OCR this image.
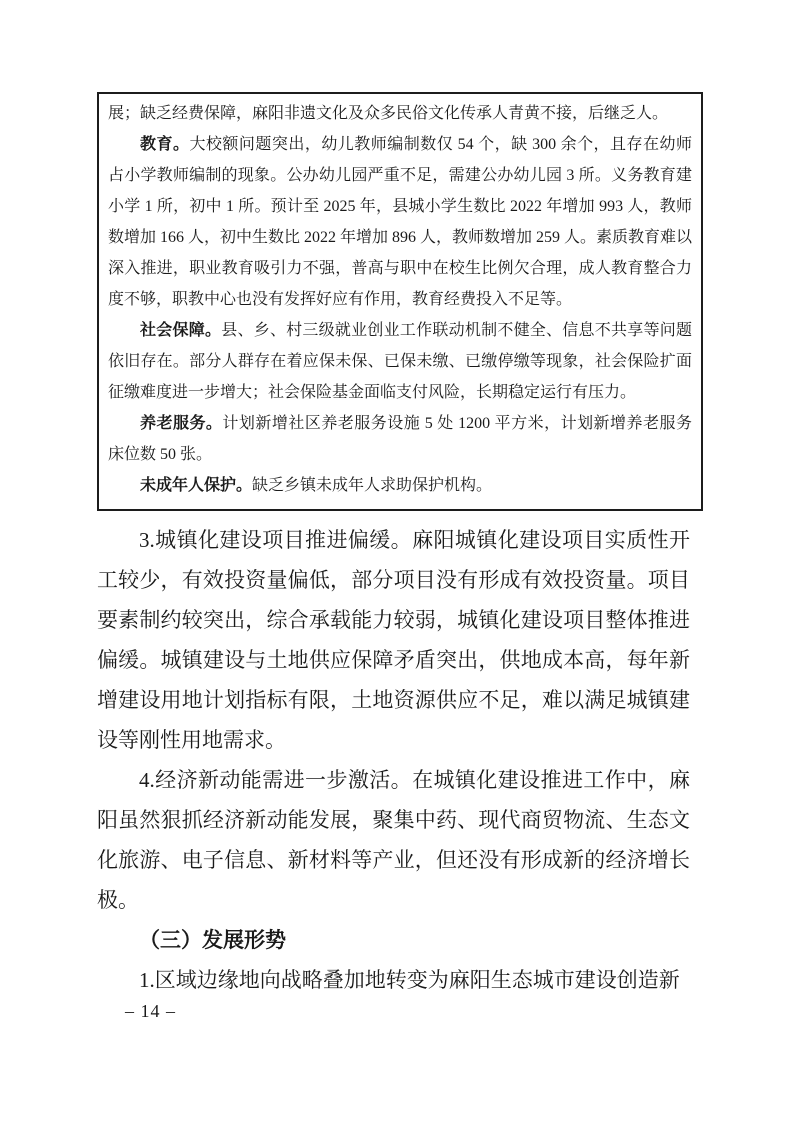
展；缺乏经费保障，麻阳非遗文化及众多民俗文化传承人青黄不接，后继乏人。

教育。大校额问题突出，幼儿教师编制数仅 54 个，缺 300 余个，且存在幼师占小学教师编制的现象。公办幼儿园严重不足，需建公办幼儿园 3 所。义务教育建小学 1 所，初中 1 所。预计至 2025 年，县城小学生数比 2022 年增加 993 人，教师数增加 166 人，初中生数比 2022 年增加 896 人，教师数增加 259 人。素质教育难以深入推进，职业教育吸引力不强，普高与职中在校生比例欠合理，成人教育整合力度不够，职教中心也没有发挥好应有作用，教育经费投入不足等。

社会保障。县、乡、村三级就业创业工作联动机制不健全、信息不共享等问题依旧存在。部分人群存在着应保未保、已保未缴、已缴停缴等现象，社会保险扩面征缴难度进一步增大；社会保险基金面临支付风险，长期稳定运行有压力。

养老服务。计划新增社区养老服务设施 5 处 1200 平方米，计划新增养老服务床位数 50 张。

未成年人保护。缺乏乡镇未成年人求助保护机构。

3.城镇化建设项目推进偏缓。麻阳城镇化建设项目实质性开工较少，有效投资量偏低，部分项目没有形成有效投资量。项目要素制约较突出，综合承载能力较弱，城镇化建设项目整体推进偏缓。城镇建设与土地供应保障矛盾突出，供地成本高，每年新增建设用地计划指标有限，土地资源供应不足，难以满足城镇建设等刚性用地需求。

4.经济新动能需进一步激活。在城镇化建设推进工作中，麻阳虽然狠抓经济新动能发展，聚集中药、现代商贸物流、生态文化旅游、电子信息、新材料等产业，但还没有形成新的经济增长极。

（三）发展形势

1.区域边缘地向战略叠加地转变为麻阳生态城市建设创造新

– 14 –
